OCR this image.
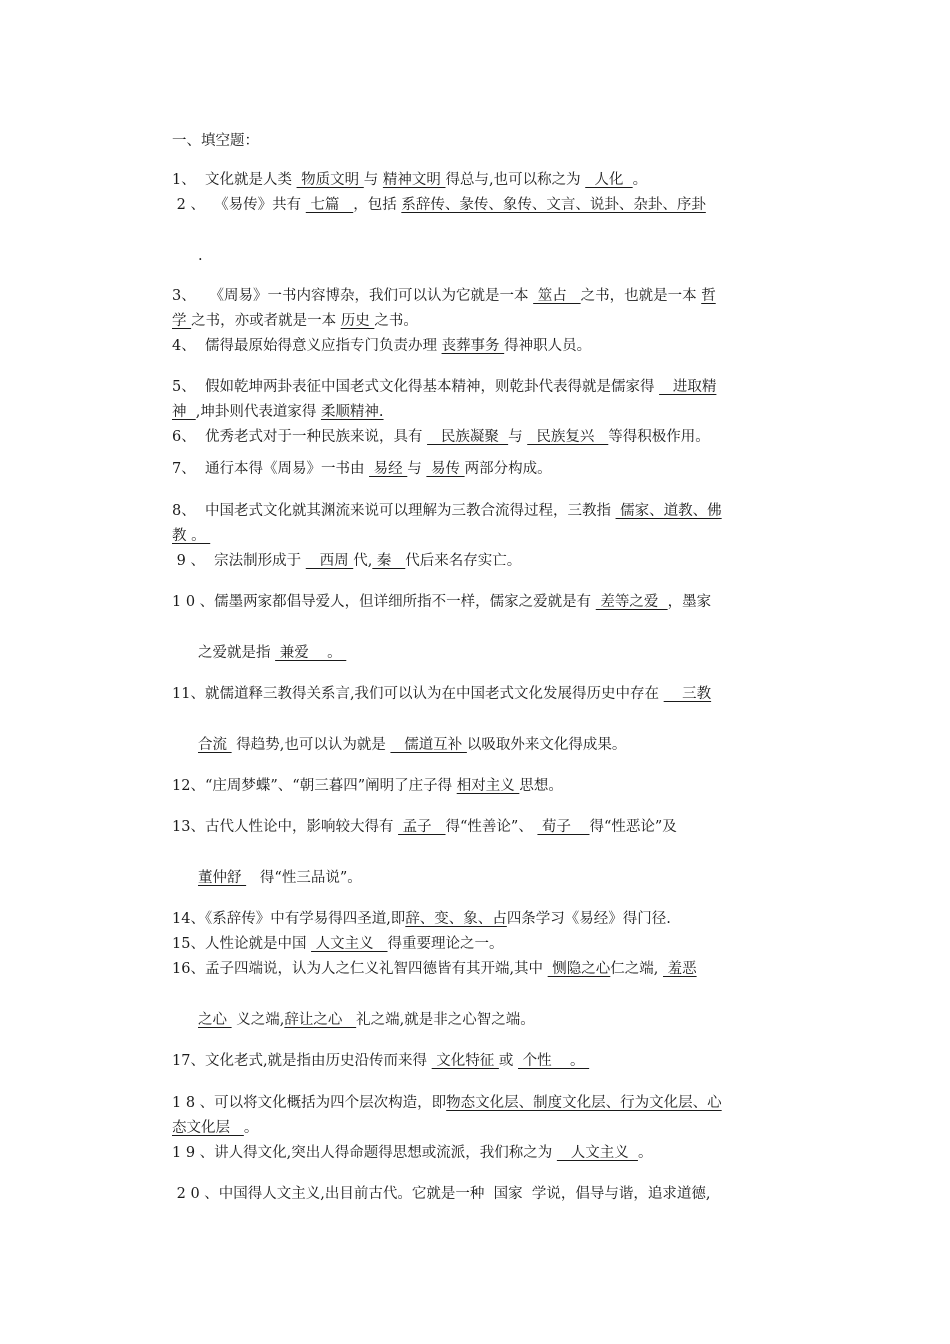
一、填空题：
1、  文化就是人类  物质文明 与 精神文明 得总与,也可以称之为   人化  。
2 、  《易传》共有  七篇   ，包括 系辞传、彖传、象传、文言、说卦、杂卦、序卦
.
3、   《周易》一书内容博杂，我们可以认为它就是一本  筮占   之书，也就是一本 哲
学 之书，亦或者就是一本 历史 之书。
4、  儒得最原始得意义应指专门负责办理 丧葬事务 得神职人员。
5、  假如乾坤两卦表征中国老式文化得基本精神，则乾卦代表得就是儒家得    进取精
神  ,坤卦则代表道家得 柔顺精神.
6、  优秀老式对于一种民族来说，具有    民族凝聚  与   民族复兴   等得积极作用。
7、  通行本得《周易》一书由  易经 与  易传 两部分构成。
8、  中国老式文化就其渊流来说可以理解为三教合流得过程，三教指  儒家、道教、佛
教 。
9 、  宗法制形成于    西周 代, 秦   代后来名存实亡。
1 0 、儒墨两家都倡导爱人，但详细所指不一样，儒家之爱就是有  差等之爱  ，墨家
之爱就是指  兼爱    。
11、就儒道释三教得关系言,我们可以认为在中国老式文化发展得历史中存在     三教
合流  得趋势,也可以认为就是    儒道互补 以吸取外来文化得成果。
12、“庄周梦蝶”、“朝三暮四”阐明了庄子得 相对主义 思想。
13、古代人性论中，影响较大得有  孟子   得“性善论”、  荀子    得“性恶论”及
董仲舒    得“性三品说”。
14、《系辞传》中有学易得四圣道,即辞、变、象、占四条学习《易经》得门径.
15、人性论就是中国  人文主义   得重要理论之一。
16、孟子四端说，认为人之仁义礼智四德皆有其开端,其中  恻隐之心仁之端,  羞恶
之心  义之端,辞让之心   礼之端,就是非之心智之端。
17、文化老式,就是指由历史沿传而来得  文化特征 或  个性    。
1 8 、可以将文化概括为四个层次构造，即物态文化层、制度文化层、行为文化层、心
态文化层   。
1 9 、讲人得文化,突出人得命题得思想或流派，我们称之为    人文主义  。
2 0 、中国得人文主义,出目前古代。它就是一种  国家  学说，倡导与谐，追求道德,
